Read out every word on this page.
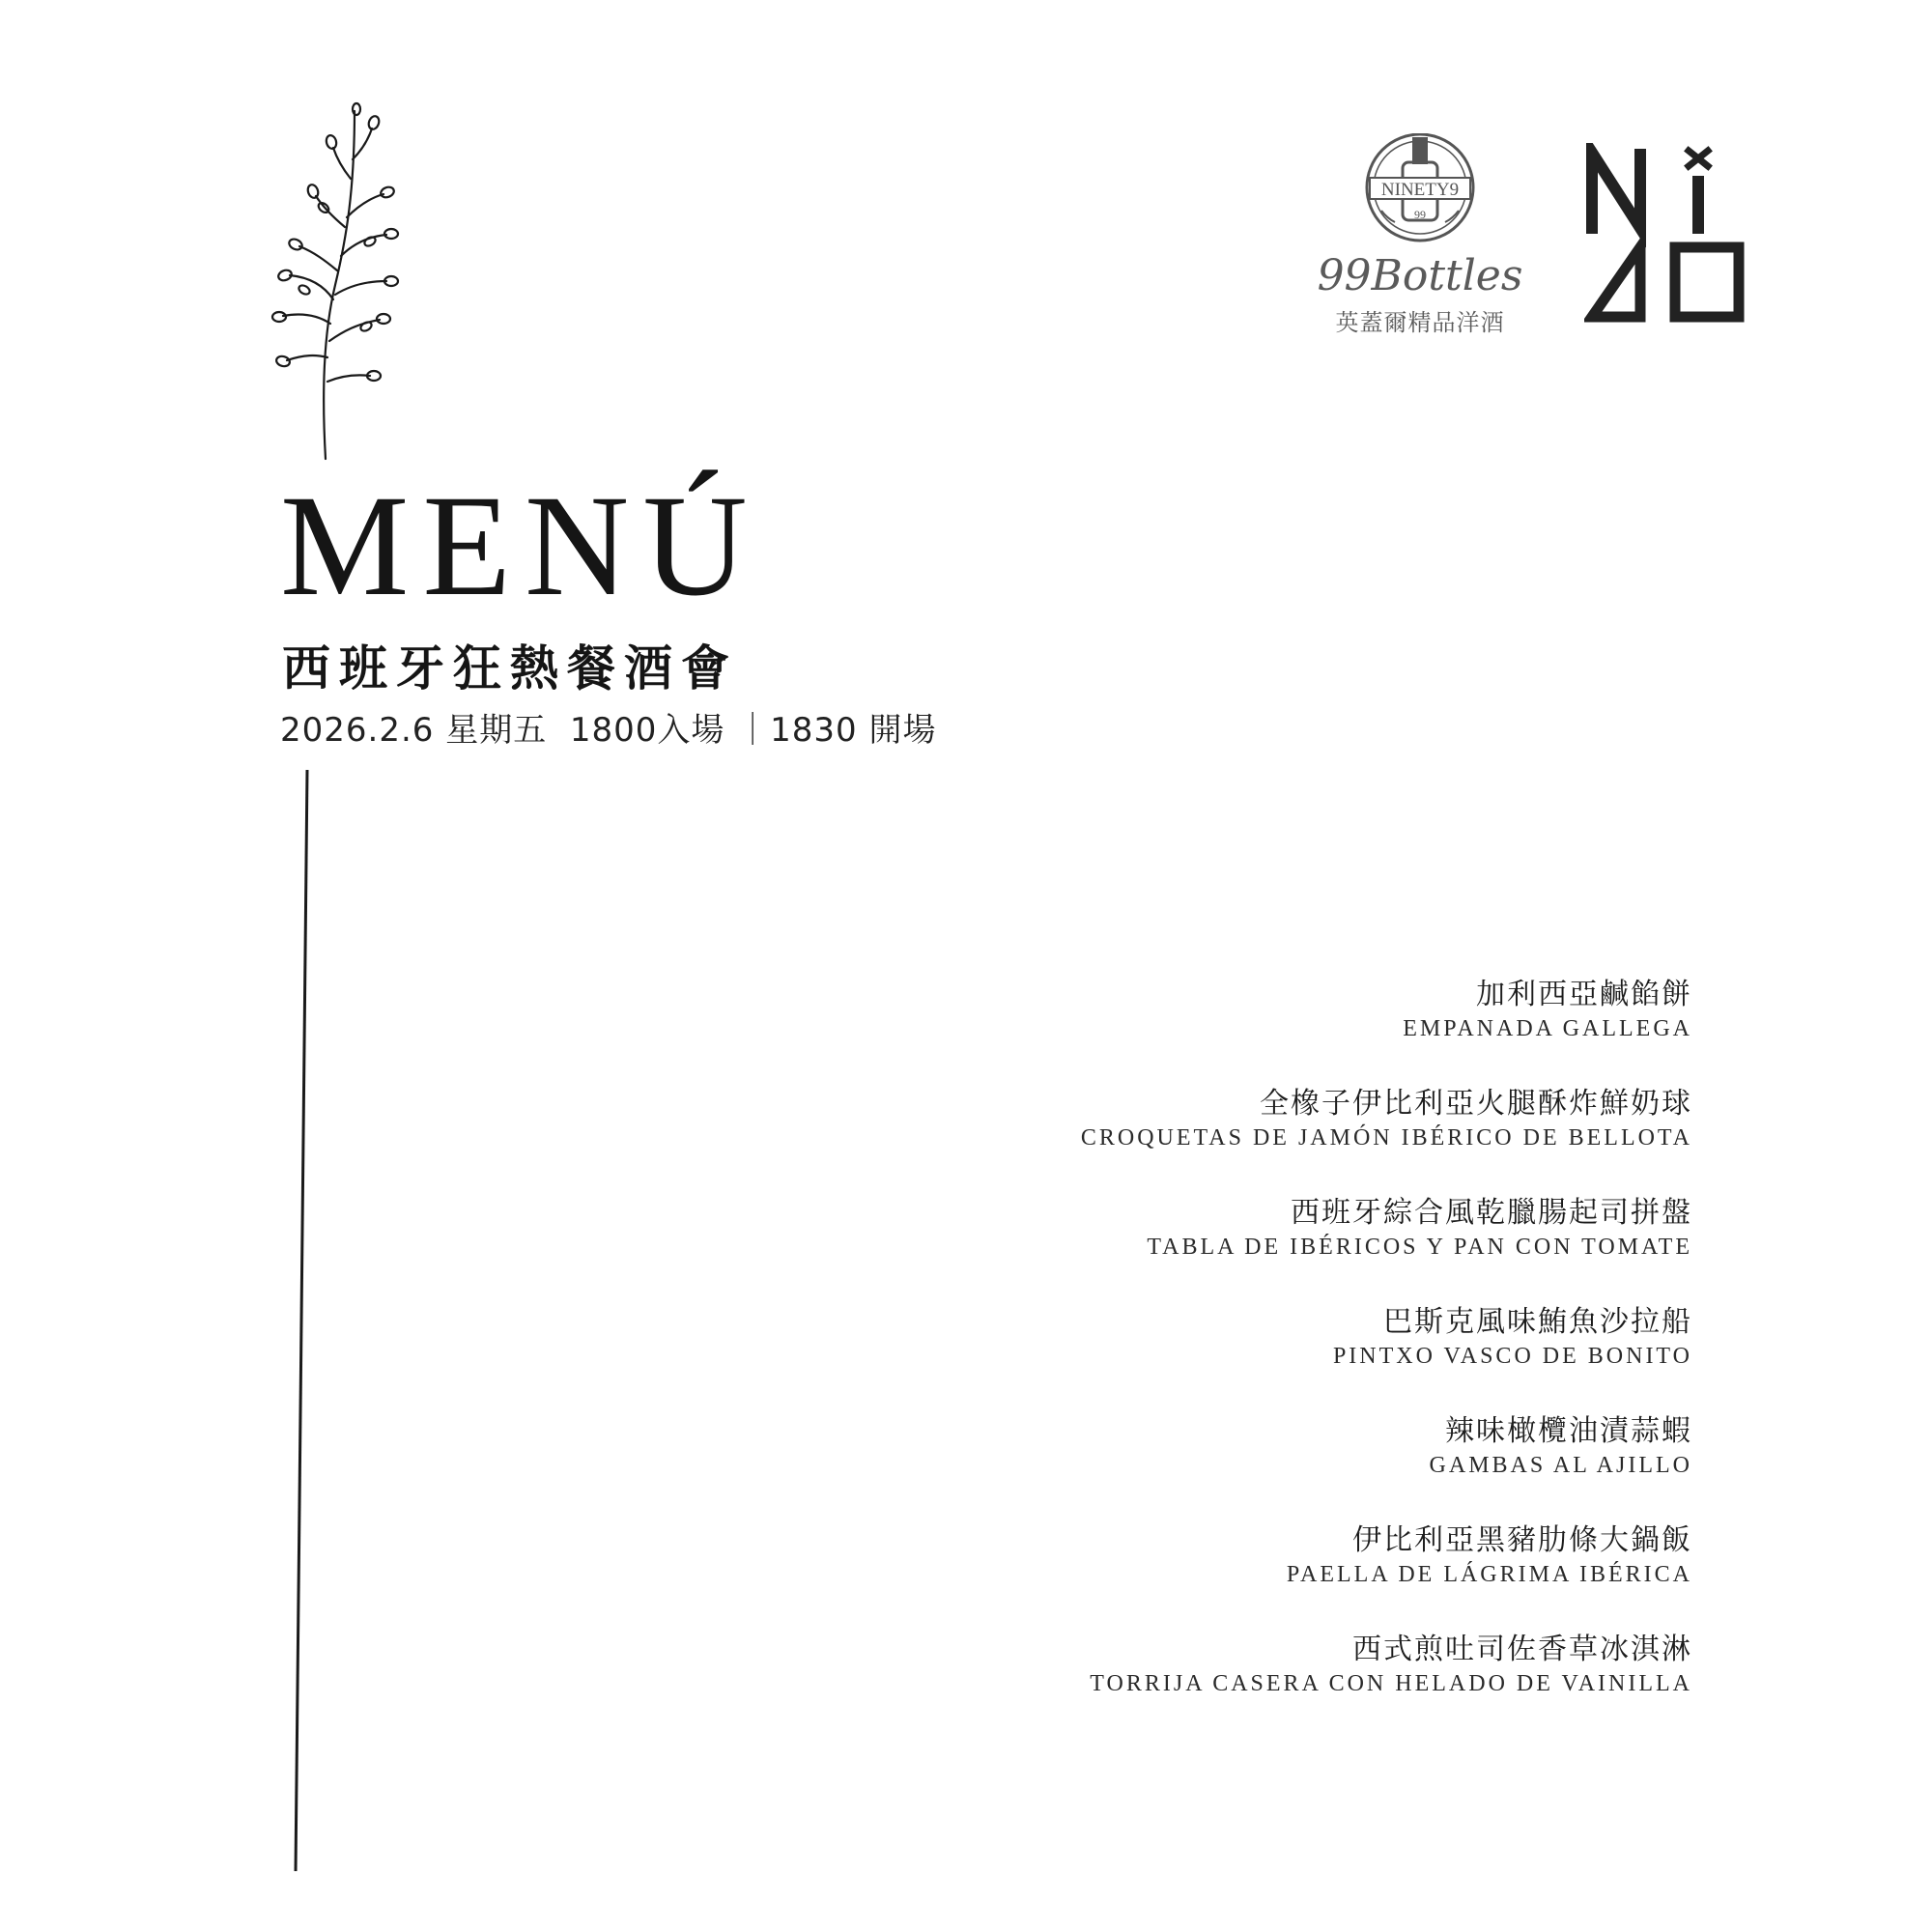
NINETY9
99
99Bottles
英蓋爾精品洋酒
MENÚ
西班牙狂熱餐酒會
2026.2.6 星期五  1800入場 ｜1830 開場
加利西亞鹹餡餅
EMPANADA GALLEGA
全橡子伊比利亞火腿酥炸鮮奶球
CROQUETAS DE JAMÓN IBÉRICO DE BELLOTA
西班牙綜合風乾臘腸起司拼盤
TABLA DE IBÉRICOS Y PAN CON TOMATE
巴斯克風味鮪魚沙拉船
PINTXO VASCO DE BONITO
辣味橄欖油漬蒜蝦
GAMBAS AL AJILLO
伊比利亞黑豬肋條大鍋飯
PAELLA DE LÁGRIMA IBÉRICA
西式煎吐司佐香草冰淇淋
TORRIJA CASERA CON HELADO DE VAINILLA
